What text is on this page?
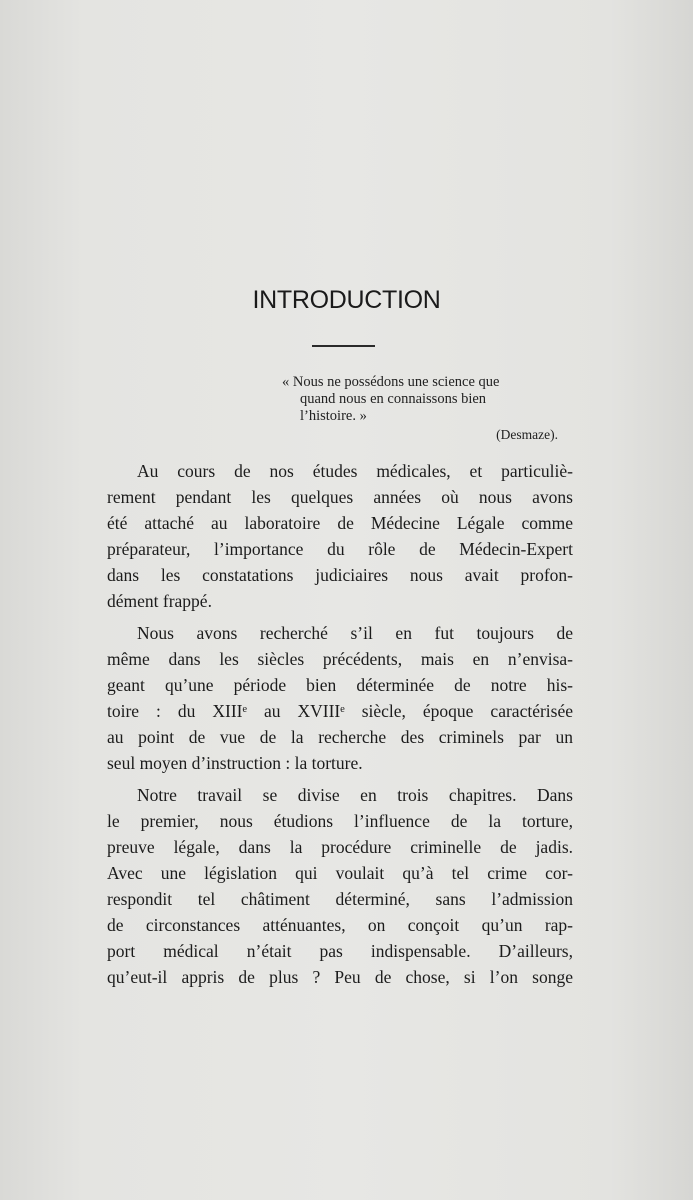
INTRODUCTION
« Nous ne possédons une science que
quand nous en connaissons bien
l’histoire. »
(Desmaze).
Au cours de nos études médicales, et particuliè-
rement pendant les quelques années où nous avons
été attaché au laboratoire de Médecine Légale comme
préparateur, l’importance du rôle de Médecin-Expert
dans les constatations judiciaires nous avait profon-
dément frappé.
Nous avons recherché s’il en fut toujours de
même dans les siècles précédents, mais en n’envisa-
geant qu’une période bien déterminée de notre his-
toire : du XIIIᵉ au XVIIIᵉ siècle, époque caractérisée
au point de vue de la recherche des criminels par un
seul moyen d’instruction : la torture.
Notre travail se divise en trois chapitres. Dans
le premier, nous étudions l’influence de la torture,
preuve légale, dans la procédure criminelle de jadis.
Avec une législation qui voulait qu’à tel crime cor-
respondit tel châtiment déterminé, sans l’admission
de circonstances atténuantes, on conçoit qu’un rap-
port médical n’était pas indispensable. D’ailleurs,
qu’eut-il appris de plus ? Peu de chose, si l’on songe
